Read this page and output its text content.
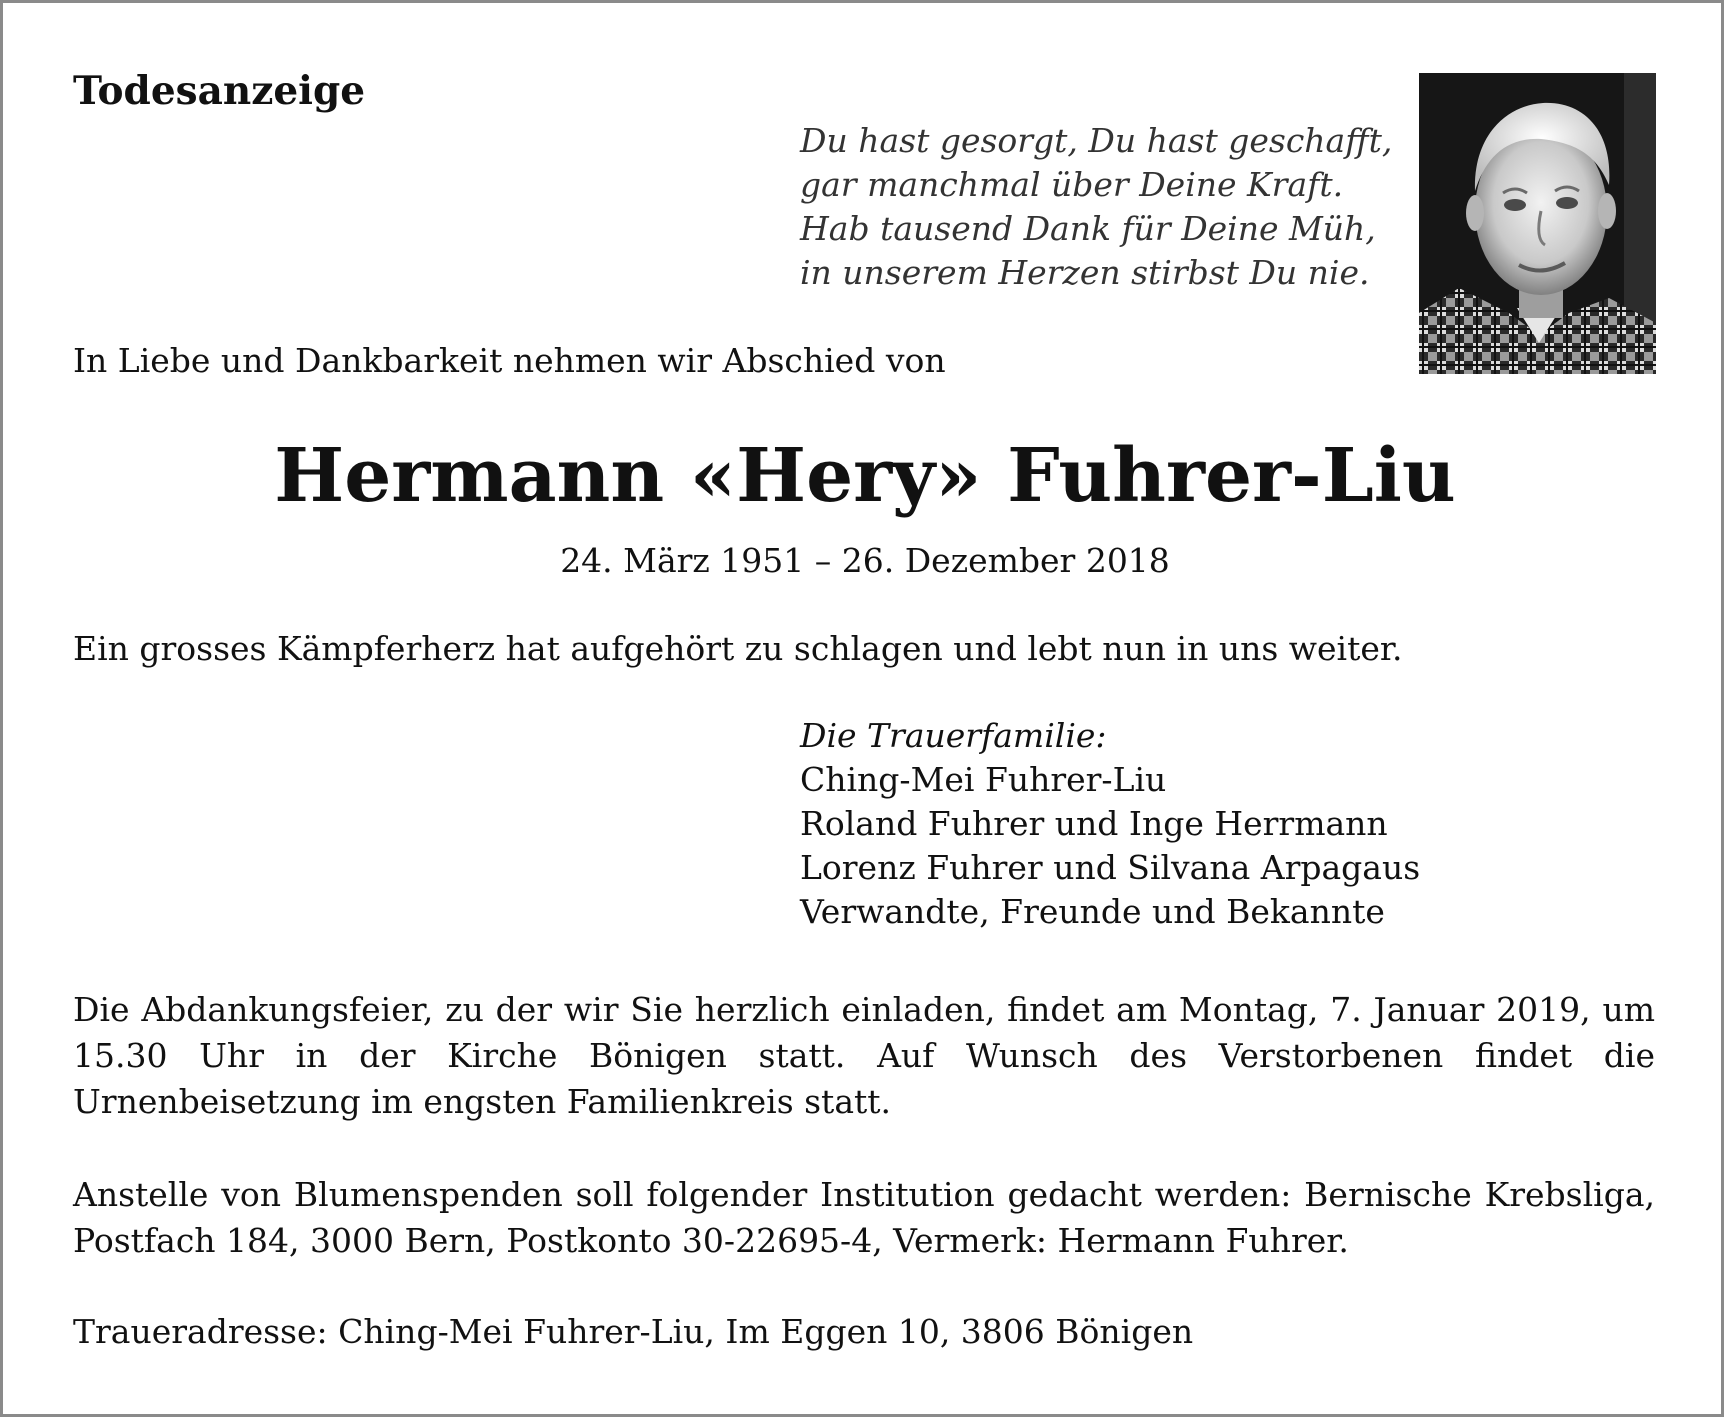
Todesanzeige
Du hast gesorgt, Du hast geschafft,
gar manchmal über Deine Kraft.
Hab tausend Dank für Deine Müh,
in unserem Herzen stirbst Du nie.
In Liebe und Dankbarkeit nehmen wir Abschied von
Hermann «Hery» Fuhrer-Liu
24. März 1951 – 26. Dezember 2018
Ein grosses Kämpferherz hat aufgehört zu schlagen und lebt nun in uns weiter.
Die Trauerfamilie:
Ching-Mei Fuhrer-Liu
Roland Fuhrer und Inge Herrmann
Lorenz Fuhrer und Silvana Arpagaus
Verwandte, Freunde und Bekannte

Die Abdankungsfeier, zu der wir Sie herzlich einladen, findet am Montag, 7. Januar 2019, um 15.30 Uhr in der Kirche Bönigen statt. Auf Wunsch des Verstorbenen findet die Urnenbeisetzung im engsten Familienkreis statt.

Anstelle von Blumenspenden soll folgender Institution gedacht werden: Bernische Krebsliga, Postfach 184, 3000 Bern, Postkonto 30-22695-4, Vermerk: Hermann Fuhrer.

Traueradresse: Ching-Mei Fuhrer-Liu, Im Eggen 10, 3806 Bönigen
